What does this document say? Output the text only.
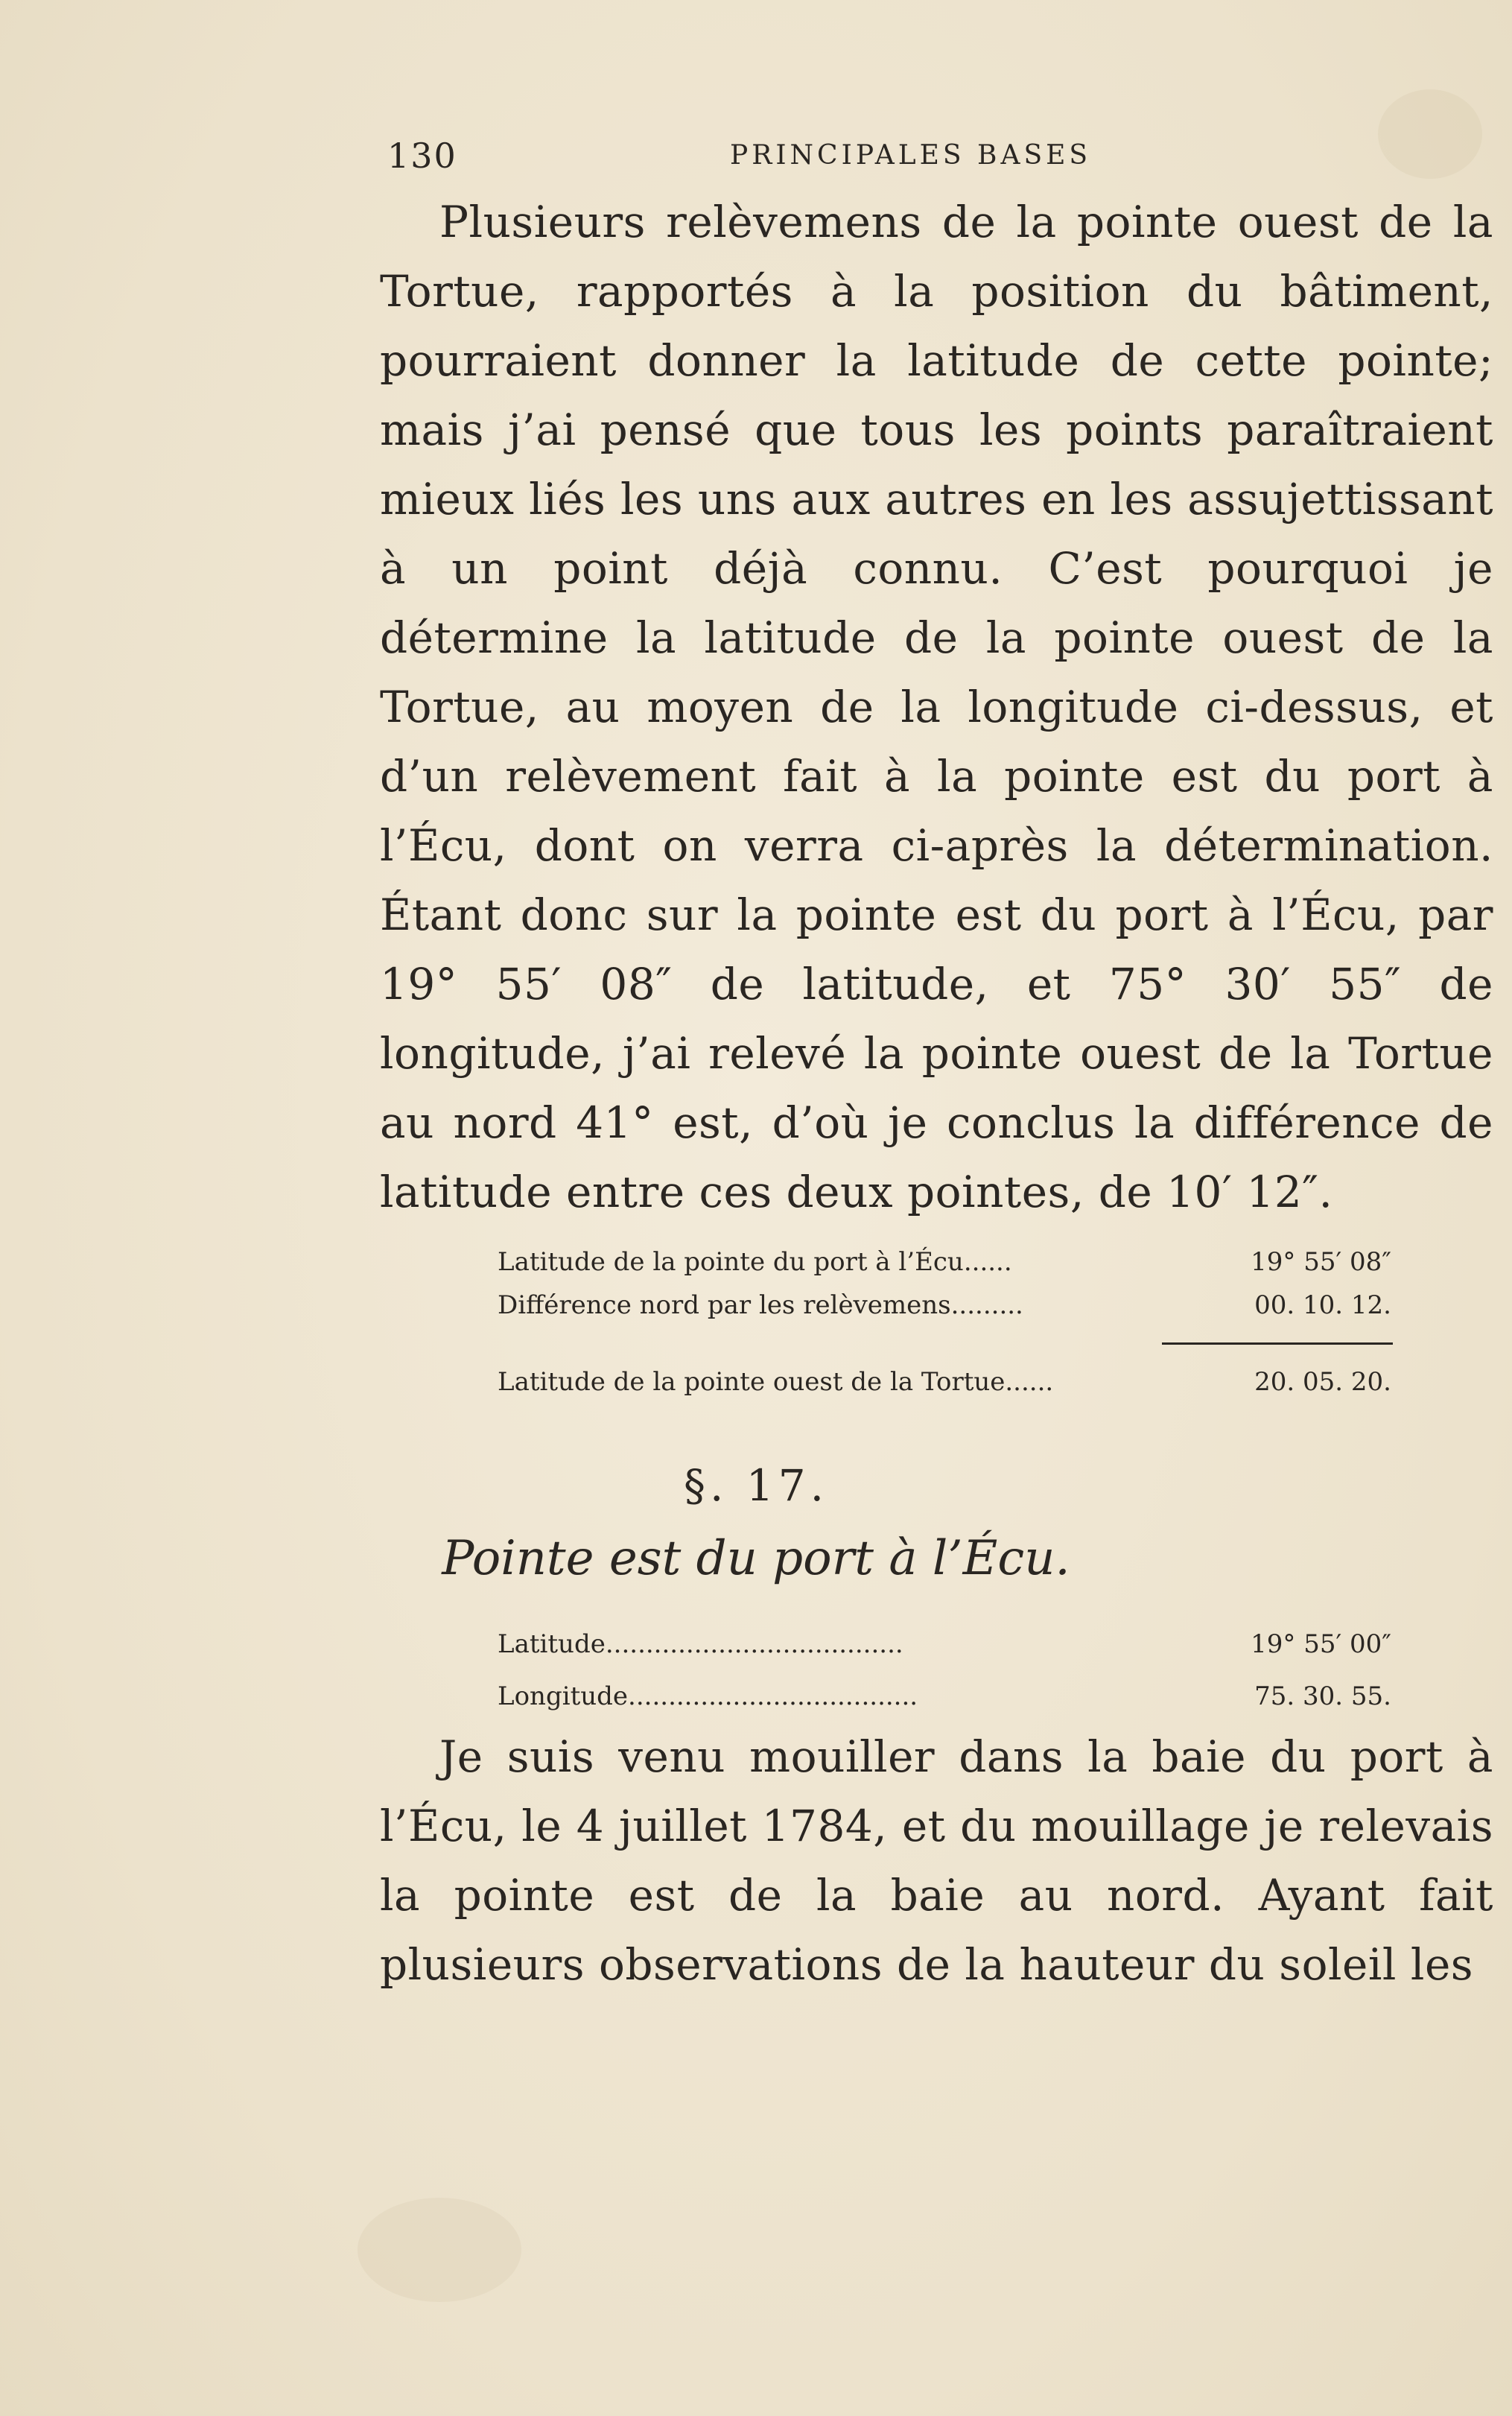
130	PRINCIPALES BASES

Plusieurs relèvemens de la pointe ouest de la Tortue, rapportés à la position du bâtiment, pourraient donner la latitude de cette pointe; mais j’ai pensé que tous les points paraîtraient mieux liés les uns aux autres en les assujettissant à un point déjà connu. C’est pourquoi je détermine la latitude de la pointe ouest de la Tortue, au moyen de la longitude ci-dessus, et d’un relèvement fait à la pointe est du port à l’Écu, dont on verra ci-après la détermination. Étant donc sur la pointe est du port à l’Écu, par 19° 55′ 08″ de latitude, et 75° 30′ 55″ de longitude, j’ai relevé la pointe ouest de la Tortue au nord 41° est, d’où je conclus la différence de latitude entre ces deux pointes, de 10′ 12″.

Latitude de la pointe du port à l’Écu......	19° 55′ 08″
Différence nord par les relèvemens.........	00. 10. 12.
Latitude de la pointe ouest de la Tortue......	20. 05. 20.
§. 17.
Pointe est du port à l’Écu.
Latitude.....................................	19° 55′ 00″
Longitude....................................	75. 30. 55.

Je suis venu mouiller dans la baie du port à l’Écu, le 4 juillet 1784, et du mouillage je relevais la pointe est de la baie au nord. Ayant fait plusieurs observations de la hauteur du soleil les
